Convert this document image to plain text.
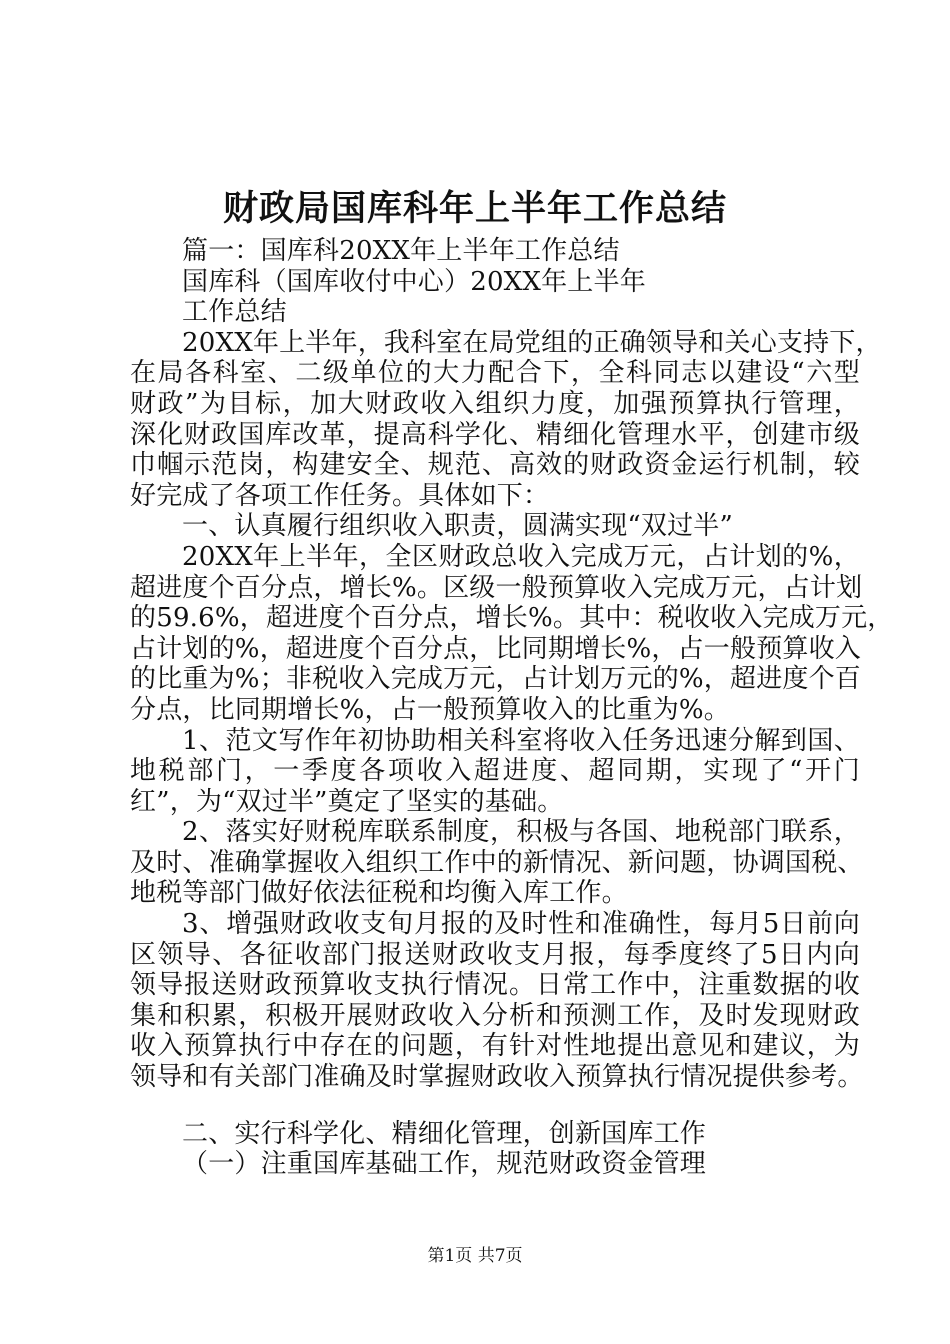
财政局国库科年上半年工作总结

篇一：国库科20XX年上半年工作总结

国库科（国库收付中心）20XX年上半年

工作总结

20XX年上半年，我科室在局党组的正确领导和关心支持下，

在局各科室、二级单位的大力配合下，全科同志以建设“六型

财政”为目标，加大财政收入组织力度，加强预算执行管理，

深化财政国库改革，提高科学化、精细化管理水平，创建市级

巾帼示范岗，构建安全、规范、高效的财政资金运行机制，较

好完成了各项工作任务。具体如下：

一、认真履行组织收入职责，圆满实现“双过半”

20XX年上半年，全区财政总收入完成万元，占计划的%，

超进度个百分点，增长%。区级一般预算收入完成万元，占计划

的59.6%，超进度个百分点，增长%。其中：税收收入完成万元，

占计划的%，超进度个百分点，比同期增长%，占一般预算收入

的比重为%；非税收入完成万元，占计划万元的%，超进度个百

分点，比同期增长%，占一般预算收入的比重为%。

1、范文写作年初协助相关科室将收入任务迅速分解到国、

地税部门，一季度各项收入超进度、超同期，实现了“开门

红”，为“双过半”奠定了坚实的基础。

2、落实好财税库联系制度，积极与各国、地税部门联系，

及时、准确掌握收入组织工作中的新情况、新问题，协调国税、

地税等部门做好依法征税和均衡入库工作。

3、增强财政收支旬月报的及时性和准确性，每月5日前向

区领导、各征收部门报送财政收支月报，每季度终了5日内向

领导报送财政预算收支执行情况。日常工作中，注重数据的收

集和积累，积极开展财政收入分析和预测工作，及时发现财政

收入预算执行中存在的问题，有针对性地提出意见和建议，为

领导和有关部门准确及时掌握财政收入预算执行情况提供参考。

二、实行科学化、精细化管理，创新国库工作

（一）注重国库基础工作，规范财政资金管理

第1页 共7页
